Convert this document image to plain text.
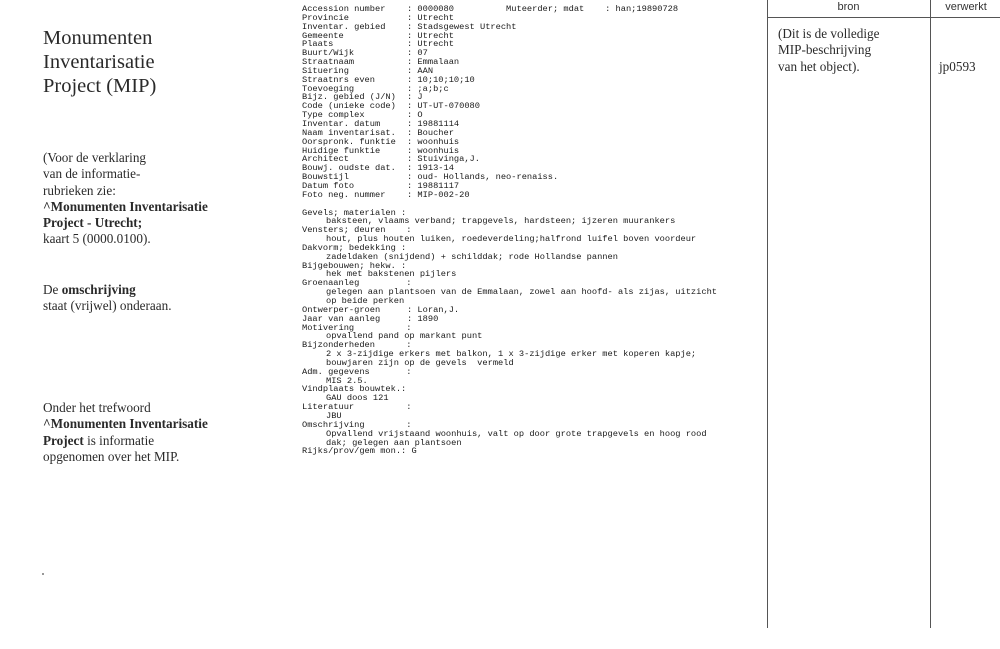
Monumenten
Inventarisatie
Project (MIP)
(Voor de verklaring
van de informatie-
rubrieken zie:
^Monumenten Inventarisatie
Project - Utrecht;
kaart 5 (0000.0100).
De omschrijving
staat (vrijwel) onderaan.
Onder het trefwoord
^Monumenten Inventarisatie
Project is informatie
opgenomen over het MIP.
Accession number	: 0000080          Muteerder; mdat    : han;19890728
Provincie	: Utrecht
Inventar. gebied	: Stadsgewest Utrecht
Gemeente	: Utrecht
Plaats	: Utrecht
Buurt/Wijk	: 07
Straatnaam	: Emmalaan
Situering	: AAN
Straatnrs even	: 10;10;10;10
Toevoeging	: ;a;b;c
Bijz. gebied (J/N)	: J
Code (unieke code)	: UT-UT-070080
Type complex	: O
Inventar. datum	: 19881114
Naam inventarisat.	: Boucher
Oorspronk. funktie	: woonhuis
Huidige funktie	: woonhuis
Architect	: Stuivinga,J.
Bouwj. oudste dat.	: 1913-14
Bouwstijl	: oud- Hollands, neo-renaiss.
Datum foto	: 19881117
Foto neg. nummer	: MIP-002-20
Gevels; materialen :
baksteen, vlaams verband; trapgevels, hardsteen; ijzeren muurankers
Vensters; deuren    :
hout, plus houten luiken, roedeverdeling;halfrond luifel boven voordeur
Dakvorm; bedekking :
zadeldaken (snijdend) + schilddak; rode Hollandse pannen
Bijgebouwen; hekw. :
hek met bakstenen pijlers
Groenaanleg         :
gelegen aan plantsoen van de Emmalaan, zowel aan hoofd- als zijas, uitzicht
op beide perken
Ontwerper-groen	: Loran,J.
Jaar van aanleg	: 1890
Motivering          :
opvallend pand op markant punt
Bijzonderheden      :
2 x 3-zijdige erkers met balkon, 1 x 3-zijdige erker met koperen kapje;
bouwjaren zijn op de gevels  vermeld
Adm. gegevens       :
MIS 2.5.
Vindplaats bouwtek.:
GAU doos 121
Literatuur          :
JBU
Omschrijving        :
Opvallend vrijstaand woonhuis, valt op door grote trapgevels en hoog rood
dak; gelegen aan plantsoen
Rijks/prov/gem mon.: G
bron	verwerkt
(Dit is de volledige
MIP-beschrijving
van het object).	jp0593
